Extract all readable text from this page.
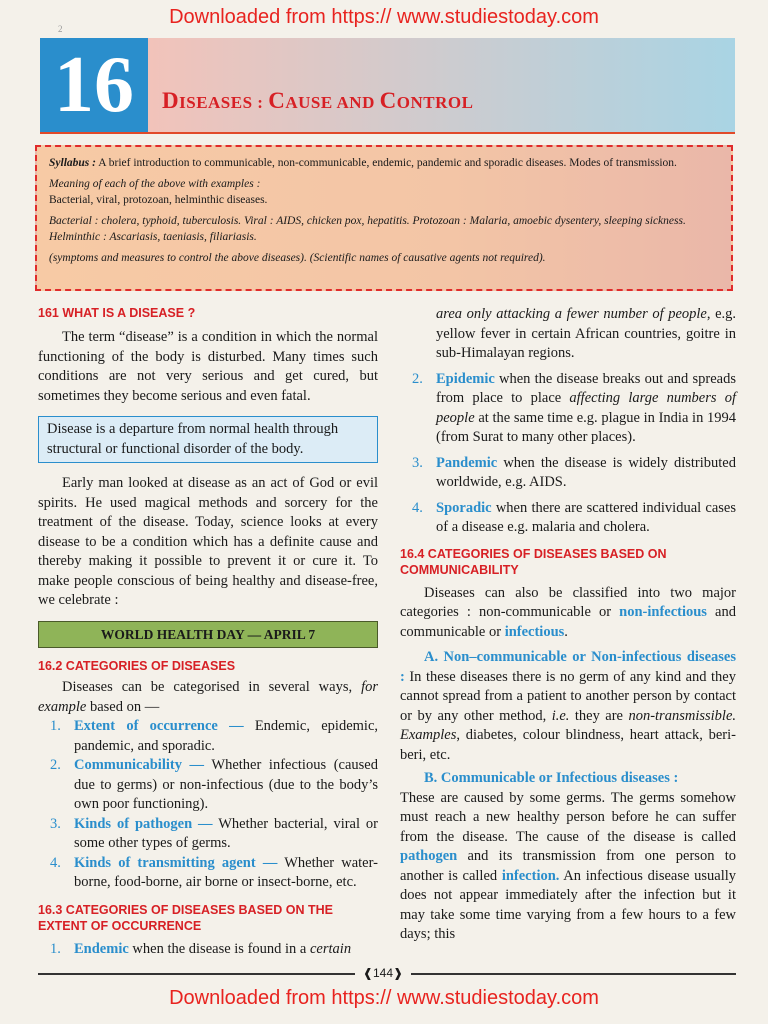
Downloaded from https:// www.studiestoday.com
2
16	DISEASES : CAUSE AND CONTROL

Syllabus : A brief introduction to communicable, non-communicable, endemic, pandemic and sporadic diseases. Modes of transmission.

Meaning of each of the above with examples :

Bacterial, viral, protozoan, helminthic diseases.

Bacterial : cholera, typhoid, tuberculosis. Viral : AIDS, chicken pox, hepatitis. Protozoan : Malaria, amoebic dysentery, sleeping sickness. Helminthic : Ascariasis, taeniasis, filiariasis.

(symptoms and measures to control the above diseases). (Scientific names of causative agents not required).

161 WHAT IS A DISEASE ?

The term “disease” is a condition in which the normal functioning of the body is disturbed. Many times such conditions are not very serious and get cured, but sometimes they become serious and even fatal.

Disease is a departure from normal health through structural or functional disorder of the body.

Early man looked at disease as an act of God or evil spirits. He used magical methods and sorcery for the treatment of the disease. Today, science looks at every disease to be a condition which has a definite cause and thereby making it possible to prevent it or cure it. To make people conscious of being healthy and disease-free, we celebrate :

WORLD HEALTH DAY — APRIL 7

16.2 CATEGORIES OF DISEASES

Diseases can be categorised in several ways, for example based on —

1. Extent of occurrence — Endemic, epidemic, pandemic, and sporadic.
2. Communicability — Whether infectious (caused due to germs) or non-infectious (due to the body’s own poor functioning).
3. Kinds of pathogen — Whether bacterial, viral or some other types of germs.
4. Kinds of transmitting agent — Whether water-borne, food-borne, air borne or insect-borne, etc.

16.3 CATEGORIES OF DISEASES BASED ON THE EXTENT OF OCCURRENCE

1. Endemic when the disease is found in a certain
area only attacking a fewer number of people, e.g. yellow fever in certain African countries, goitre in sub-Himalayan regions.
2. Epidemic when the disease breaks out and spreads from place to place affecting large numbers of people at the same time e.g. plague in India in 1994 (from Surat to many other places).
3. Pandemic when the disease is widely distributed worldwide, e.g. AIDS.
4. Sporadic when there are scattered individual cases of a disease e.g. malaria and cholera.

16.4 CATEGORIES OF DISEASES BASED ON COMMUNICABILITY

Diseases can also be classified into two major categories : non-communicable or non-infectious and communicable or infectious.

A. Non–communicable or Non-infectious diseases : In these diseases there is no germ of any kind and they cannot spread from a patient to another person by contact or by any other method, i.e. they are non-transmissible. Examples, diabetes, colour blindness, heart attack, beri-beri, etc.

B. Communicable or Infectious diseases :

These are caused by some germs. The germs somehow must reach a new healthy person before he can suffer from the disease. The cause of the disease is called pathogen and its transmission from one person to another is called infection. An infectious disease usually does not appear immediately after the infection but it may take some time varying from a few hours to a few days; this

❰144❱
Downloaded from https:// www.studiestoday.com
